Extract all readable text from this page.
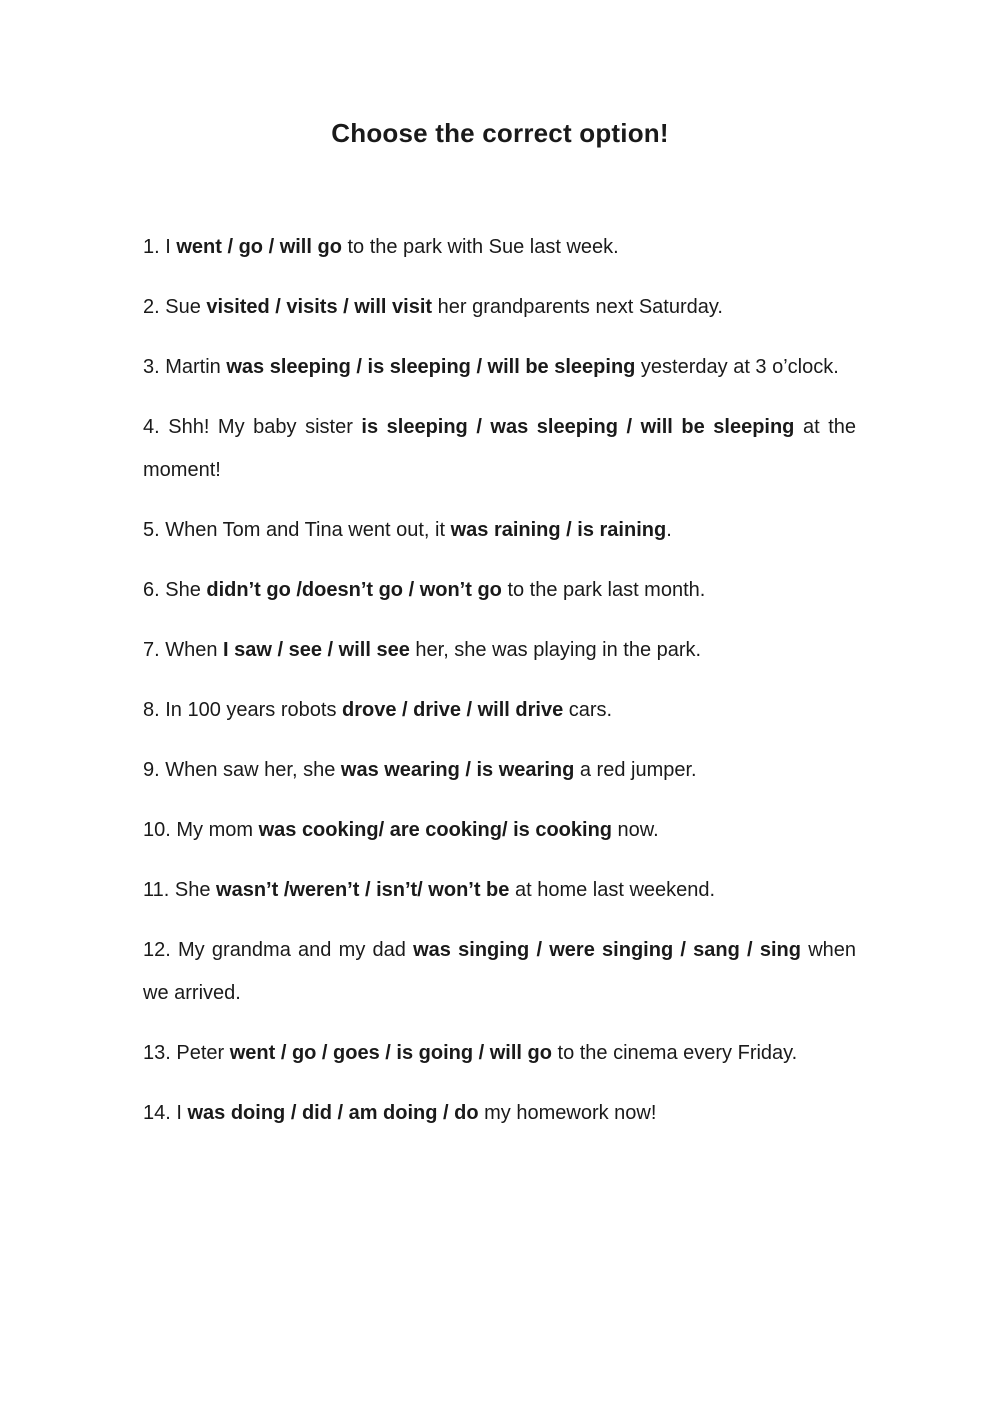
Choose the correct option!

1. I went / go / will go to the park with Sue last week.

2. Sue visited / visits / will visit her grandparents next Saturday.

3. Martin was sleeping / is sleeping / will be sleeping yesterday at 3 o’clock.

4. Shh! My baby sister is sleeping / was sleeping / will be sleeping at the moment!

5. When Tom and Tina went out, it was raining / is raining.

6. She didn’t go /doesn’t go / won’t go to the park last month.

7. When I saw / see / will see her, she was playing in the park.

8. In 100 years robots drove / drive / will drive cars.

9. When saw her, she was wearing / is wearing a red jumper.

10. My mom was cooking/ are cooking/ is cooking now.

11. She wasn’t /weren’t / isn’t/ won’t be at home last weekend.

12. My grandma and my dad was singing / were singing / sang / sing when we arrived.

13. Peter went / go / goes / is going / will go to the cinema every Friday.

14. I was doing / did / am doing / do my homework now!
